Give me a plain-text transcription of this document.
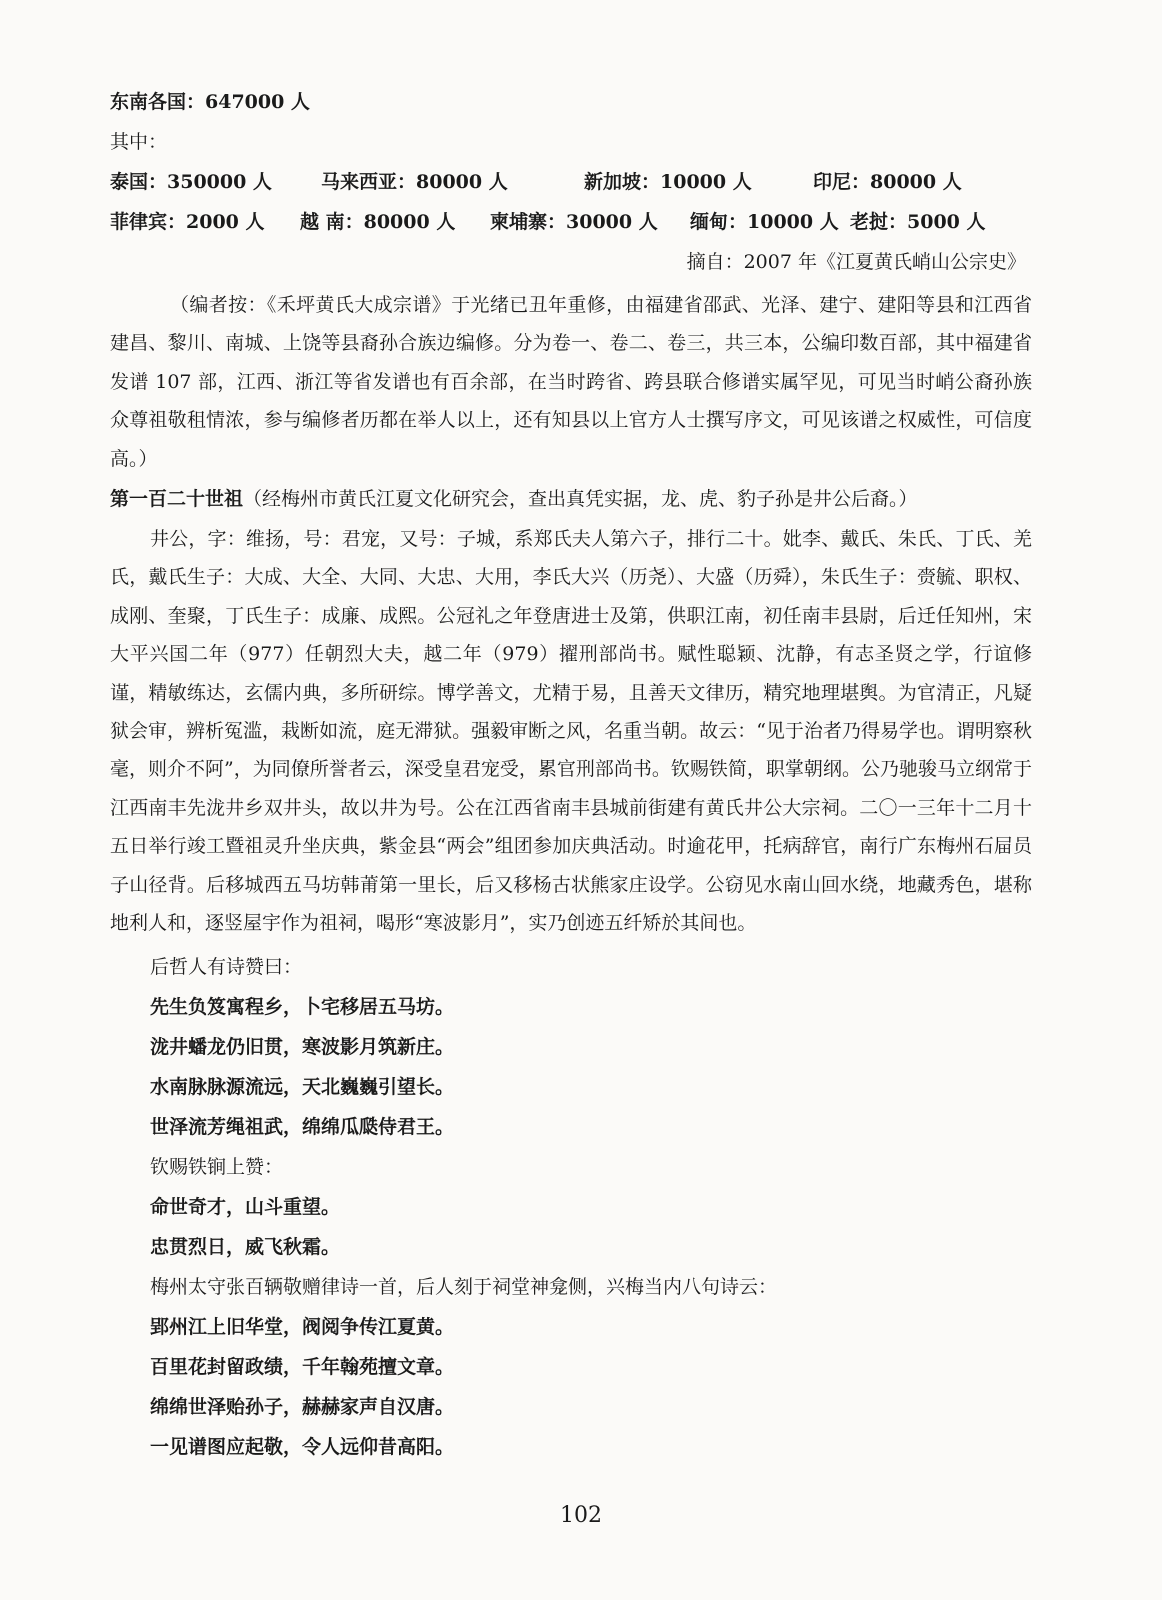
东南各国：647000 人
其中：
泰国：350000 人	马来西亚：80000 人	新加坡：10000 人	印尼：80000 人
菲律宾：2000 人	越 南：80000 人	柬埔寨：30000 人	缅甸：10000 人 老挝：5000 人
摘自：2007 年《江夏黄氏峭山公宗史》

（编者按：《禾坪黄氏大成宗谱》于光绪已丑年重修，由福建省邵武、光泽、建宁、建阳等县和江西省建昌、黎川、南城、上饶等县裔孙合族边编修。分为卷一、卷二、卷三，共三本，公编印数百部，其中福建省发谱 107 部，江西、浙江等省发谱也有百余部，在当时跨省、跨县联合修谱实属罕见，可见当时峭公裔孙族众尊祖敬租情浓，参与编修者历都在举人以上，还有知县以上官方人士撰写序文，可见该谱之权威性，可信度高。）

第一百二十世祖（经梅州市黄氏江夏文化研究会，查出真凭实据，龙、虎、豹子孙是井公后裔。）

井公，字：维扬，号：君宠，又号：子城，系郑氏夫人第六子，排行二十。妣李、戴氏、朱氏、丁氏、羌氏，戴氏生子：大成、大全、大同、大忠、大用，李氏大兴（历尧）、大盛（历舜），朱氏生子：赍毓、职权、成刚、奎聚，丁氏生子：成廉、成熙。公冠礼之年登唐进士及第，供职江南，初任南丰县尉，后迁任知州，宋大平兴国二年（977）任朝烈大夫，越二年（979）擢刑部尚书。赋性聪颖、沈静，有志圣贤之学，行谊修谨，精敏练达，玄儒内典，多所研综。博学善文，尤精于易，且善天文律历，精究地理堪舆。为官清正，凡疑狱会审，辨析冤滥，栽断如流，庭无滞狱。强毅审断之风，名重当朝。故云：“见于治者乃得易学也。谓明察秋毫，则介不阿”，为同僚所誉者云，深受皇君宠受，累官刑部尚书。钦赐铁简，职掌朝纲。公乃驰骏马立纲常于江西南丰先泷井乡双井头，故以井为号。公在江西省南丰县城前街建有黄氏井公大宗祠。二〇一三年十二月十五日举行竣工暨祖灵升坐庆典，紫金县“两会”组团参加庆典活动。时逾花甲，托病辞官，南行广东梅州石屇员子山径背。后移城西五马坊韩莆第一里长，后又移杨古状熊家庄设学。公窃见水南山回水绕，地藏秀色，堪称地利人和，逐竖屋宇作为祖祠，喝形“寒波影月”，实乃创迹五纤矫於其间也。

后哲人有诗赞曰：
先生负笈寓程乡，卜宅移居五马坊。
泷井蟠龙仍旧贯，寒波影月筑新庄。
水南脉脉源流远，天北巍巍引望长。
世泽流芳绳祖武，绵绵瓜瓞侍君王。
钦赐铁锏上赞：
命世奇才，山斗重望。
忠贯烈日，威飞秋霜。
梅州太守张百辆敬赠律诗一首，后人刻于祠堂神龛侧，兴梅当内八句诗云：
郢州江上旧华堂，阀阅争传江夏黄。
百里花封留政绩，千年翰苑擅文章。
绵绵世泽贻孙子，赫赫家声自汉唐。
一见谱图应起敬，令人远仰昔高阳。
102
